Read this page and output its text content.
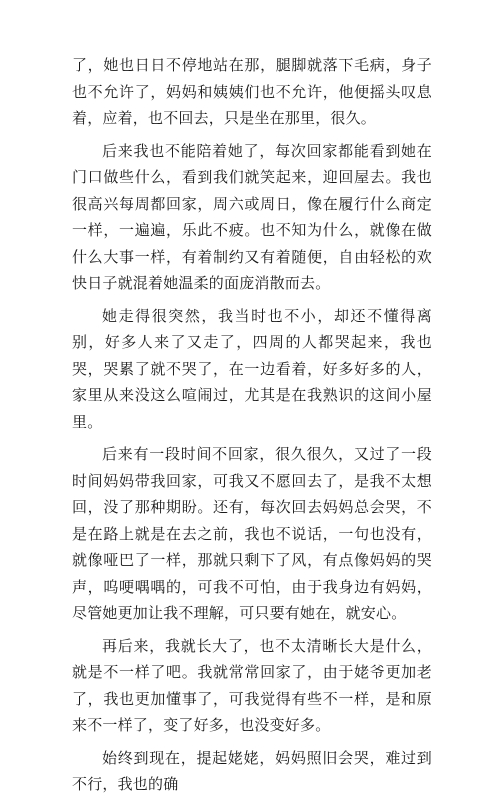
了，她也日日不停地站在那，腿脚就落下毛病，身子也不允许了，妈妈和姨姨们也不允许，他便摇头叹息着，应着，也不回去，只是坐在那里，很久。

后来我也不能陪着她了，每次回家都能看到她在门口做些什么，看到我们就笑起来，迎回屋去。我也很高兴每周都回家，周六或周日，像在履行什么商定一样，一遍遍，乐此不疲。也不知为什么，就像在做什么大事一样，有着制约又有着随便，自由轻松的欢快日子就混着她温柔的面庞消散而去。

她走得很突然，我当时也不小，却还不懂得离别，好多人来了又走了，四周的人都哭起来，我也哭，哭累了就不哭了，在一边看着，好多好多的人，家里从来没这么喧闹过，尤其是在我熟识的这间小屋里。

后来有一段时间不回家，很久很久，又过了一段时间妈妈带我回家，可我又不愿回去了，是我不太想回，没了那种期盼。还有，每次回去妈妈总会哭，不是在路上就是在去之前，我也不说话，一句也没有，就像哑巴了一样，那就只剩下了风，有点像妈妈的哭声，呜哽喁喁的，可我不可怕，由于我身边有妈妈，尽管她更加让我不理解，可只要有她在，就安心。

再后来，我就长大了，也不太清晰长大是什么，就是不一样了吧。我就常常回家了，由于姥爷更加老了，我也更加懂事了，可我觉得有些不一样，是和原来不一样了，变了好多，也没变好多。

始终到现在，提起姥姥，妈妈照旧会哭，难过到不行，我也的确
